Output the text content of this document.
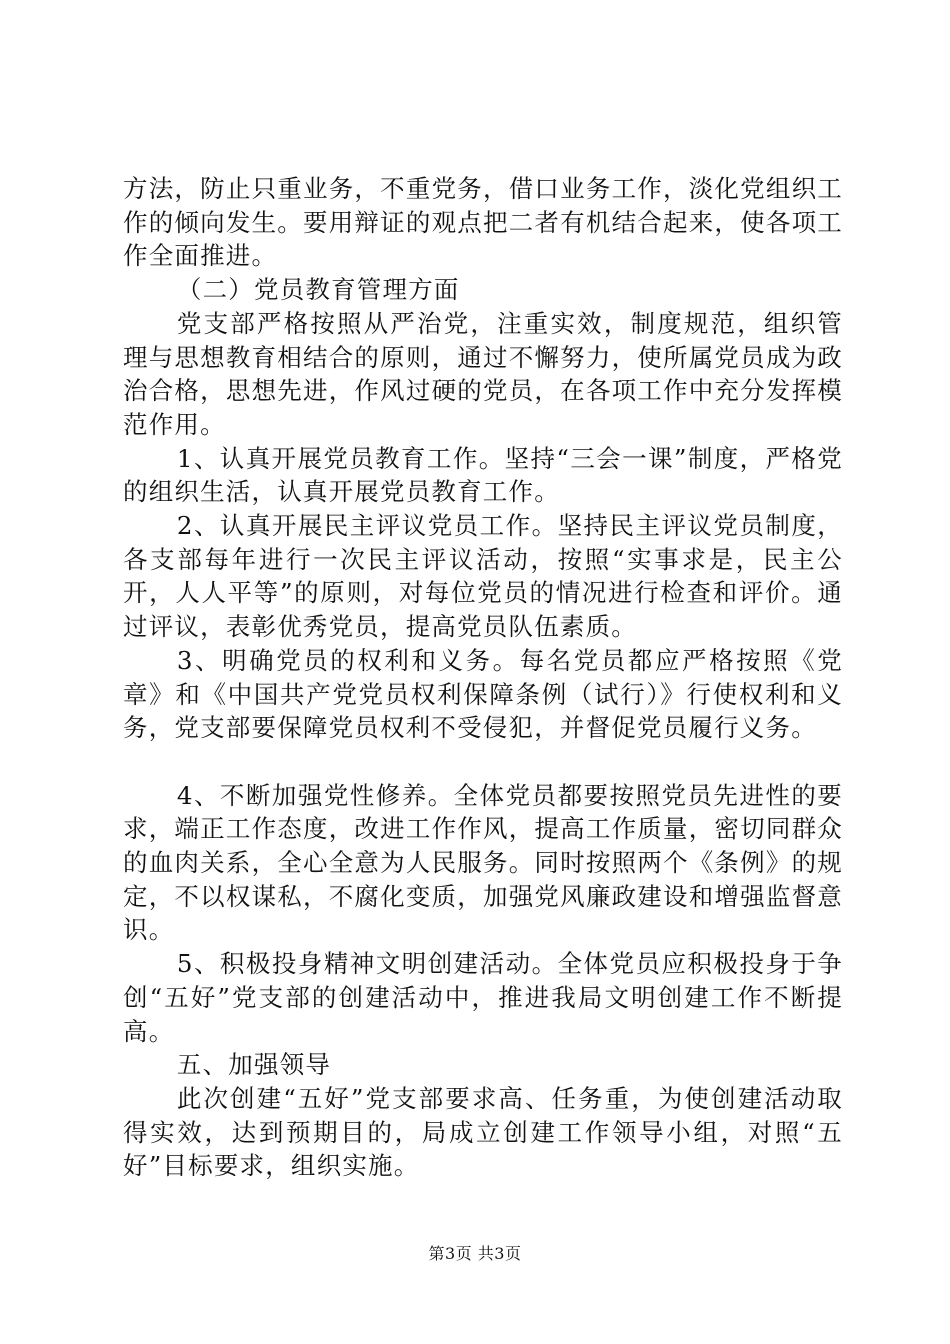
方法，防止只重业务，不重党务，借口业务工作，淡化党组织工作的倾向发生。要用辩证的观点把二者有机结合起来，使各项工作全面推进。

（二）党员教育管理方面

党支部严格按照从严治党，注重实效，制度规范，组织管理与思想教育相结合的原则，通过不懈努力，使所属党员成为政治合格，思想先进，作风过硬的党员，在各项工作中充分发挥模范作用。

1、认真开展党员教育工作。坚持“三会一课”制度，严格党的组织生活，认真开展党员教育工作。

2、认真开展民主评议党员工作。坚持民主评议党员制度，各支部每年进行一次民主评议活动，按照“实事求是，民主公开，人人平等”的原则，对每位党员的情况进行检查和评价。通过评议，表彰优秀党员，提高党员队伍素质。

3、明确党员的权利和义务。每名党员都应严格按照《党章》和《中国共产党党员权利保障条例（试行）》行使权利和义务，党支部要保障党员权利不受侵犯，并督促党员履行义务。

4、不断加强党性修养。全体党员都要按照党员先进性的要求，端正工作态度，改进工作作风，提高工作质量，密切同群众的血肉关系，全心全意为人民服务。同时按照两个《条例》的规定，不以权谋私，不腐化变质，加强党风廉政建设和增强监督意识。

5、积极投身精神文明创建活动。全体党员应积极投身于争创“五好”党支部的创建活动中，推进我局文明创建工作不断提高。

五、加强领导

此次创建“五好”党支部要求高、任务重，为使创建活动取得实效，达到预期目的，局成立创建工作领导小组，对照“五好”目标要求，组织实施。

第3页 共3页
